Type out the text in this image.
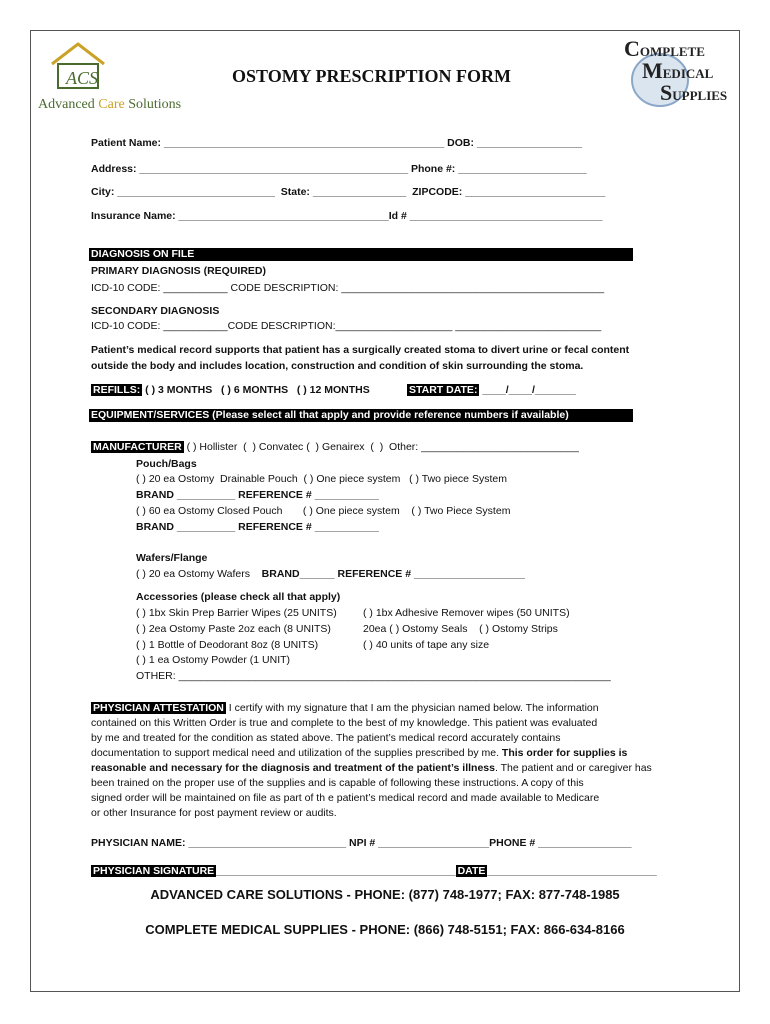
ACS
Advanced Care Solutions
COMPLETE
MEDICAL
SUPPLIES
OSTOMY PRESCRIPTION FORM
Patient Name: ________________________________________________ DOB: __________________
Address: ______________________________________________ Phone #: ______________________
City: ___________________________  State: ________________  ZIPCODE: ________________________
Insurance Name: ____________________________________Id # _________________________________
DIAGNOSIS ON FILE
PRIMARY DIAGNOSIS (REQUIRED)
ICD-10 CODE: ___________ CODE DESCRIPTION: _____________________________________________
SECONDARY DIAGNOSIS
ICD-10 CODE: ___________CODE DESCRIPTION:____________________ _________________________
Patient’s medical record supports that patient has a surgically created stoma to divert urine or fecal content
outside the body and includes location, construction and condition of skin surrounding the stoma.
REFILLS: ( ) 3 MONTHS   ( ) 6 MONTHS   ( ) 12 MONTHS	START DATE: ____/____/_______
EQUIPMENT/SERVICES (Please select all that apply and provide reference numbers if available)
MANUFACTURER ( ) Hollister  (  ) Convatec (  ) Genairex  (  )  Other: ___________________________
Pouch/Bags
( ) 20 ea Ostomy  Drainable Pouch  ( ) One piece system   ( ) Two piece System
BRAND __________ REFERENCE # ___________
( ) 60 ea Ostomy Closed Pouch       ( ) One piece system    ( ) Two Piece System
BRAND __________ REFERENCE # ___________
Wafers/Flange
( ) 20 ea Ostomy Wafers    BRAND______ REFERENCE # ___________________
Accessories (please check all that apply)
( ) 1bx Skin Prep Barrier Wipes (25 UNITS)	( ) 1bx Adhesive Remover wipes (50 UNITS)
( ) 2ea Ostomy Paste 2oz each (8 UNITS)	20ea ( ) Ostomy Seals    ( ) Ostomy Strips
( ) 1 Bottle of Deodorant 8oz (8 UNITS)	( ) 40 units of tape any size
( ) 1 ea Ostomy Powder (1 UNIT)
OTHER: __________________________________________________________________________
PHYSICIAN ATTESTATION I certify with my signature that I am the physician named below. The information
contained on this Written Order is true and complete to the best of my knowledge. This patient was evaluated
by me and treated for the condition as stated above. The patient’s medical record accurately contains
documentation to support medical need and utilization of the supplies prescribed by me. This order for supplies is
reasonable and necessary for the diagnosis and treatment of the patient’s illness. The patient and or caregiver has
been trained on the proper use of the supplies and is capable of following these instructions. A copy of this
signed order will be maintained on file as part of th e patient’s medical record and made available to Medicare
or other Insurance for post payment review or audits.
PHYSICIAN NAME: ___________________________ NPI # ___________________PHONE # ________________
PHYSICIAN SIGNATURE _________________________________________ DATE _____________________________
ADVANCED CARE SOLUTIONS - PHONE: (877) 748-1977; FAX: 877-748-1985
COMPLETE MEDICAL SUPPLIES - PHONE: (866) 748-5151; FAX: 866-634-8166
